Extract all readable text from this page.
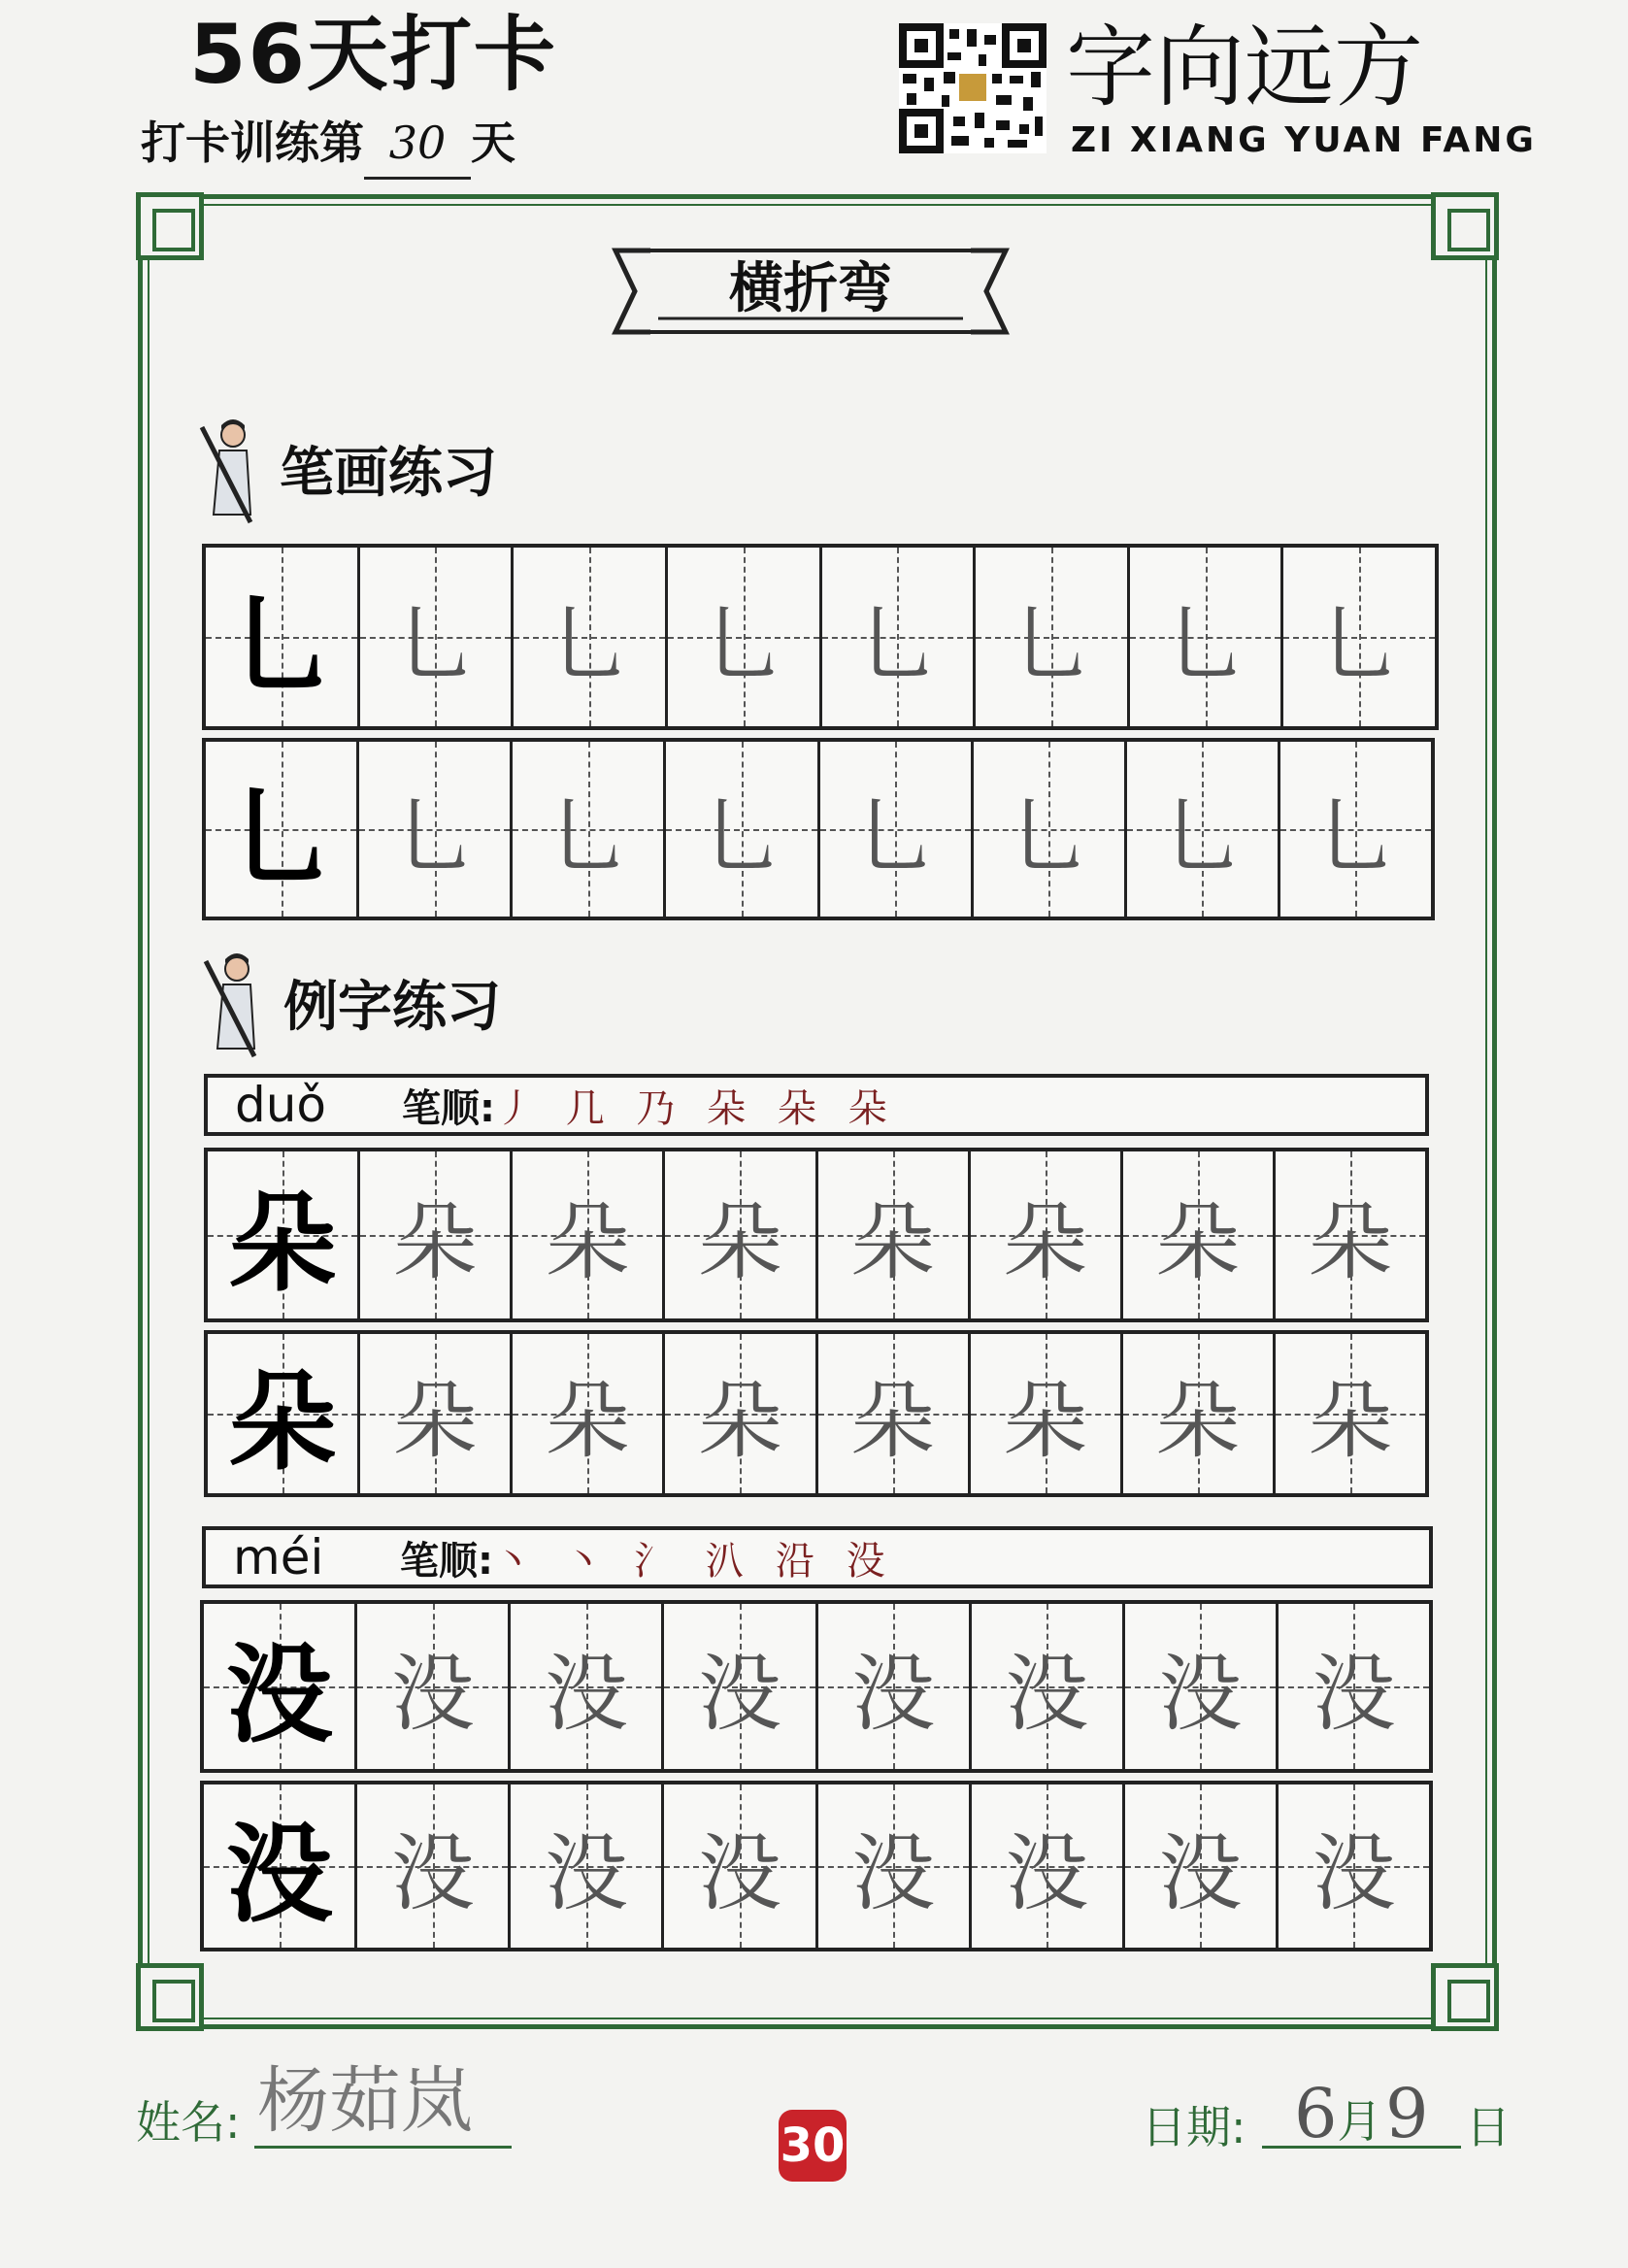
56天打卡
打卡训练第 30 天
字向远方
ZI XIANG YUAN FANG
横折弯
笔画练习
乚 乚 乚 乚 乚 乚 乚 乚
乚 乚 乚 乚 乚 乚 乚 乚
例字练习
duǒ	笔顺: 丿 几 乃 朵 朵 朵
朵 朵 朵 朵 朵 朵 朵 朵
朵 朵 朵 朵 朵 朵 朵 朵
méi	笔顺: 丶 丶 氵 汃 沿 没
没 没 没 没 没 没 没 没
没 没 没 没 没 没 没 没
姓名: 杨茹岚
30	日期: 6月 9 日
